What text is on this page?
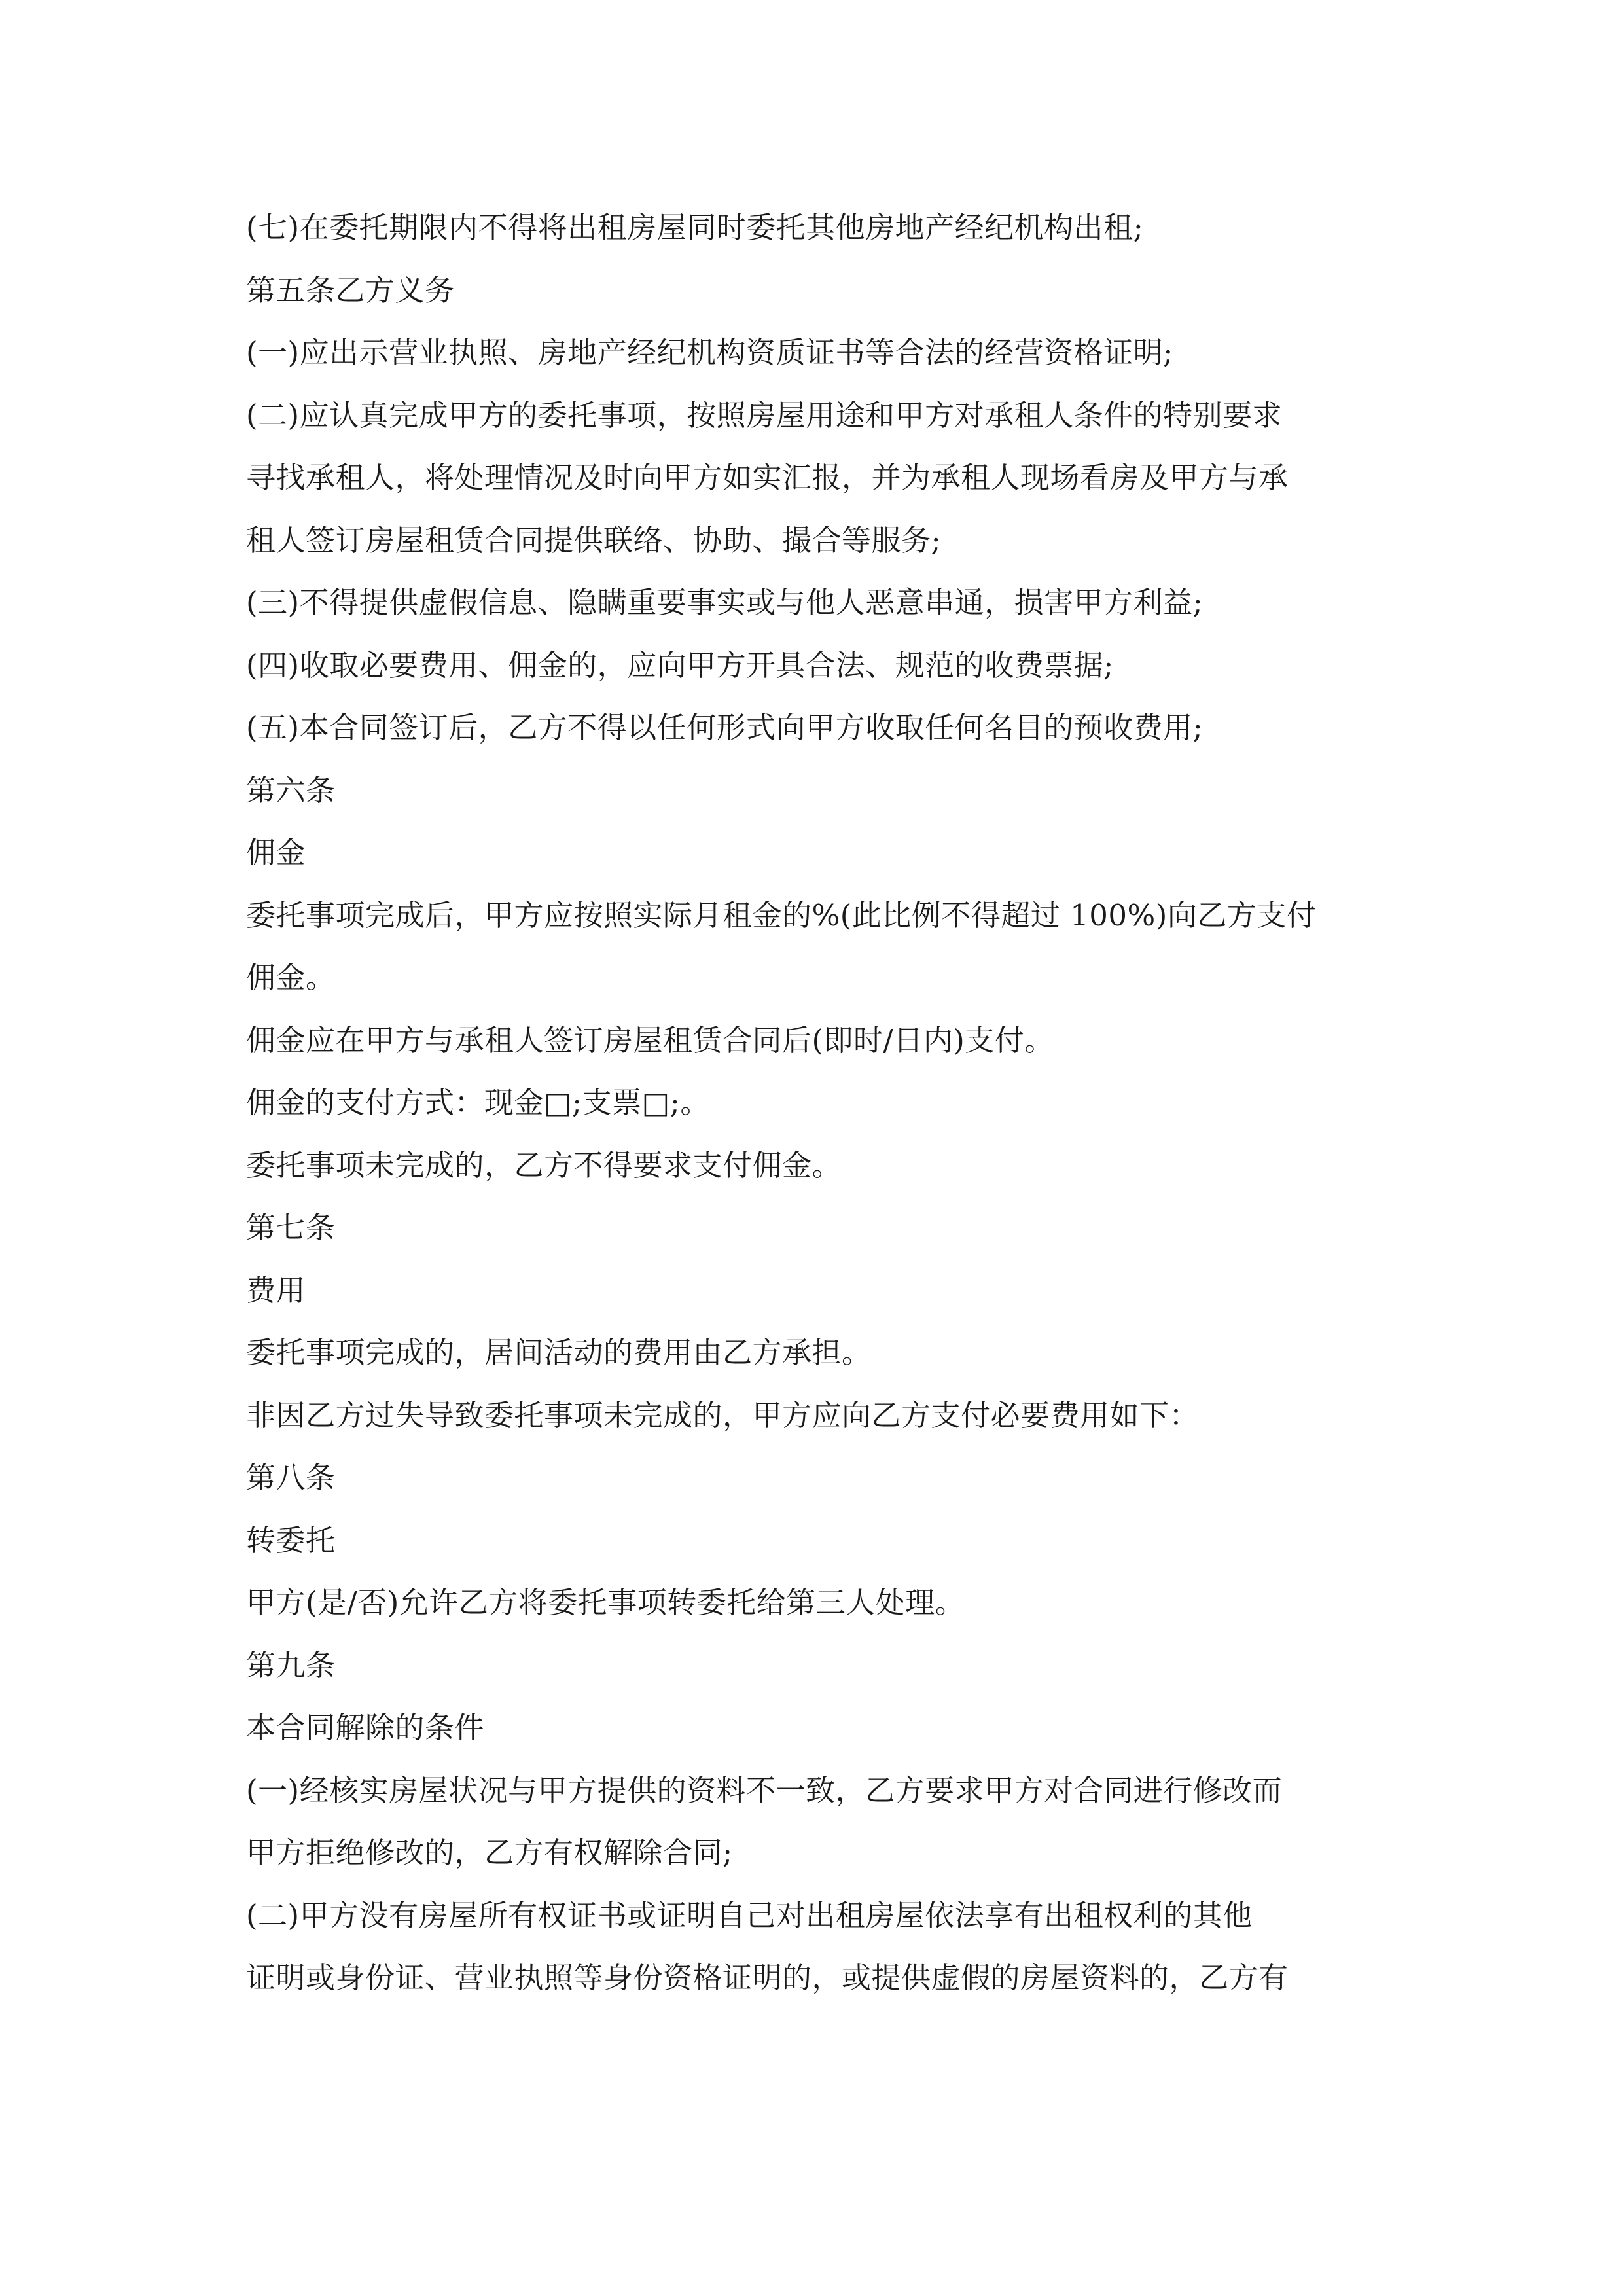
(七)在委托期限内不得将出租房屋同时委托其他房地产经纪机构出租;
第五条乙方义务
(一)应出示营业执照、房地产经纪机构资质证书等合法的经营资格证明;
(二)应认真完成甲方的委托事项，按照房屋用途和甲方对承租人条件的特别要求
寻找承租人，将处理情况及时向甲方如实汇报，并为承租人现场看房及甲方与承
租人签订房屋租赁合同提供联络、协助、撮合等服务;
(三)不得提供虚假信息、隐瞒重要事实或与他人恶意串通，损害甲方利益;
(四)收取必要费用、佣金的，应向甲方开具合法、规范的收费票据;
(五)本合同签订后，乙方不得以任何形式向甲方收取任何名目的预收费用;
第六条
佣金
委托事项完成后，甲方应按照实际月租金的%(此比例不得超过 100%)向乙方支付
佣金。
佣金应在甲方与承租人签订房屋租赁合同后(即时/日内)支付。
佣金的支付方式：现金□;支票□;。
委托事项未完成的，乙方不得要求支付佣金。
第七条
费用
委托事项完成的，居间活动的费用由乙方承担。
非因乙方过失导致委托事项未完成的，甲方应向乙方支付必要费用如下：
第八条
转委托
甲方(是/否)允许乙方将委托事项转委托给第三人处理。
第九条
本合同解除的条件
(一)经核实房屋状况与甲方提供的资料不一致，乙方要求甲方对合同进行修改而
甲方拒绝修改的，乙方有权解除合同;
(二)甲方没有房屋所有权证书或证明自己对出租房屋依法享有出租权利的其他
证明或身份证、营业执照等身份资格证明的，或提供虚假的房屋资料的，乙方有
